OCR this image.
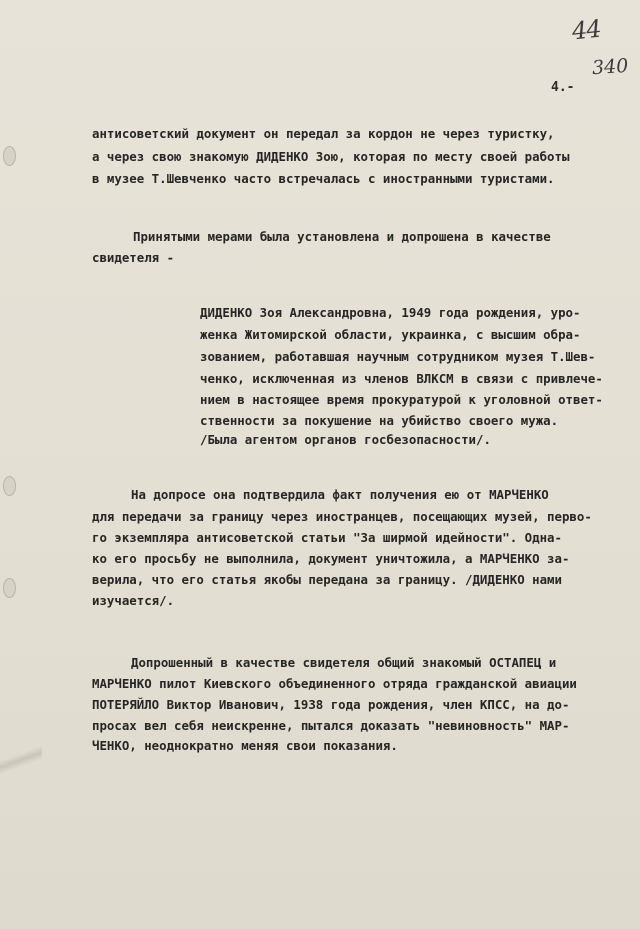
44
340
4.-
антисоветский документ он передал за кордон не через туристку,
а через свою знакомую ДИДЕНКО Зою, которая по месту своей работы
в музее Т.Шевченко часто встречалась с иностранными туристами.
Принятыми мерами была установлена и допрошена в качестве
свидетеля -
ДИДЕНКО Зоя Александровна, 1949 года рождения, уро-
женка Житомирской области, украинка, с высшим обра-
зованием, работавшая научным сотрудником музея Т.Шев-
ченко, исключенная из членов ВЛКСМ в связи с привлече-
нием в настоящее время прокуратурой к уголовной ответ-
ственности за покушение на убийство своего мужа.
/Была агентом органов госбезопасности/.
На допросе она подтвердила факт получения ею от МАРЧЕНКО
для передачи за границу через иностранцев, посещающих музей, перво-
го экземпляра антисоветской статьи "За ширмой идейности". Одна-
ко его просьбу не выполнила, документ уничтожила, а МАРЧЕНКО за-
верила, что его статья якобы передана за границу. /ДИДЕНКО нами
изучается/.
Допрошенный в качестве свидетеля общий знакомый ОСТАПЕЦ и
МАРЧЕНКО пилот Киевского объединенного отряда гражданской авиации
ПОТЕРЯЙЛО Виктор Иванович, 1938 года рождения, член КПСС, на до-
просах вел себя неискренне, пытался доказать "невиновность" МАР-
ЧЕНКО, неоднократно меняя свои показания.
